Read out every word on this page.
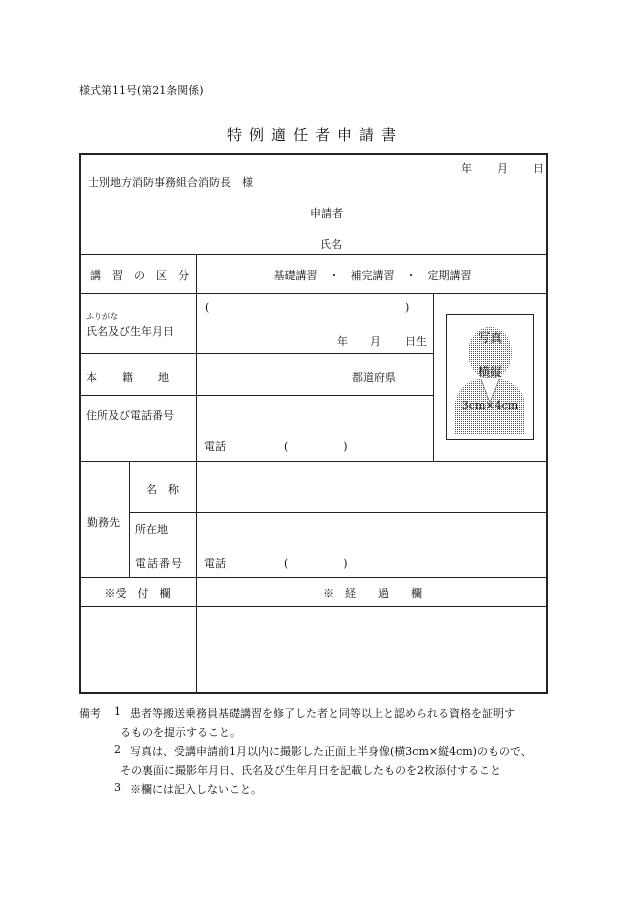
様式第11号(第21条関係)
特例適任者申請書
年 月 日
士別地方消防事務組合消防長　様
申請者
氏名
講　習　の　区　分	基礎講習　・　補完講習　・　定期講習
ふりがな
氏名及び生年月日
(	)
年 月 日生
本　　籍　　地	都道府県
住所及び電話番号
電話	(　　　　　)
写真
横縦
3cm×4cm
勤務先
名　称
所在地
電話番号 電話	(　　　　　)
※受　付　欄	※　経　　過　　欄
備考 1 患者等搬送乗務員基礎講習を修了した者と同等以上と認められる資格を証明す
るものを提示すること。
2 写真は、受講申請前1月以内に撮影した正面上半身像(横3cm×縦4cm)のもので、
その裏面に撮影年月日、氏名及び生年月日を記載したものを2枚添付すること
3 ※欄には記入しないこと。
